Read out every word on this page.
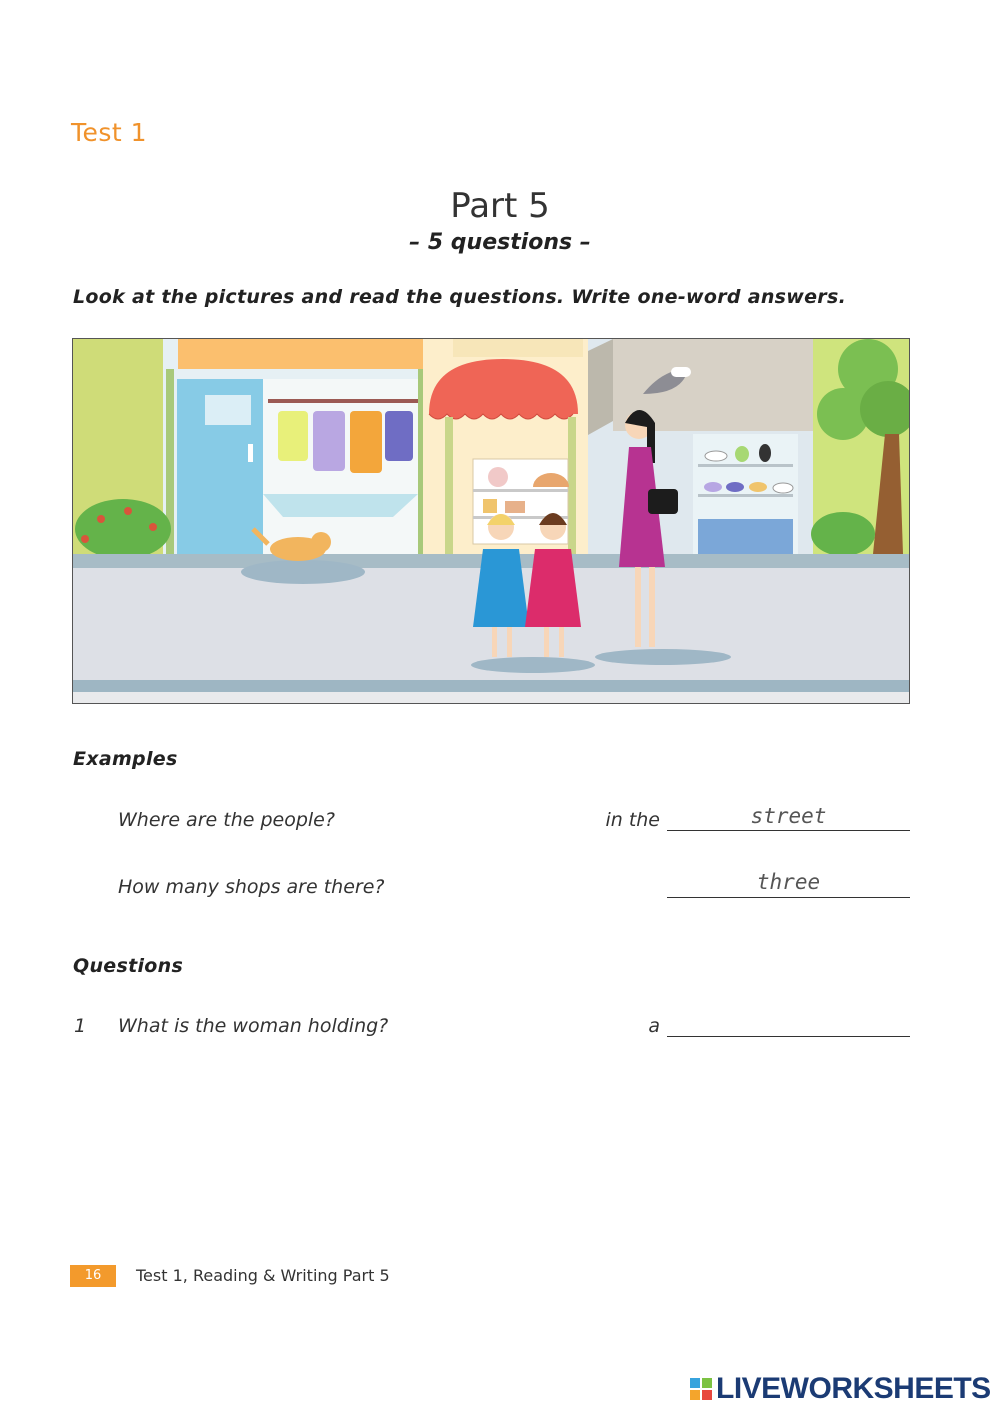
Test 1
Part 5
– 5 questions –
Look at the pictures and read the questions. Write one-word answers.
Examples
Where are the people?	in the	street
How many shops are there?	three
Questions
1 What is the woman holding?	a
16	Test 1, Reading & Writing Part 5
LIVEWORKSHEETS
